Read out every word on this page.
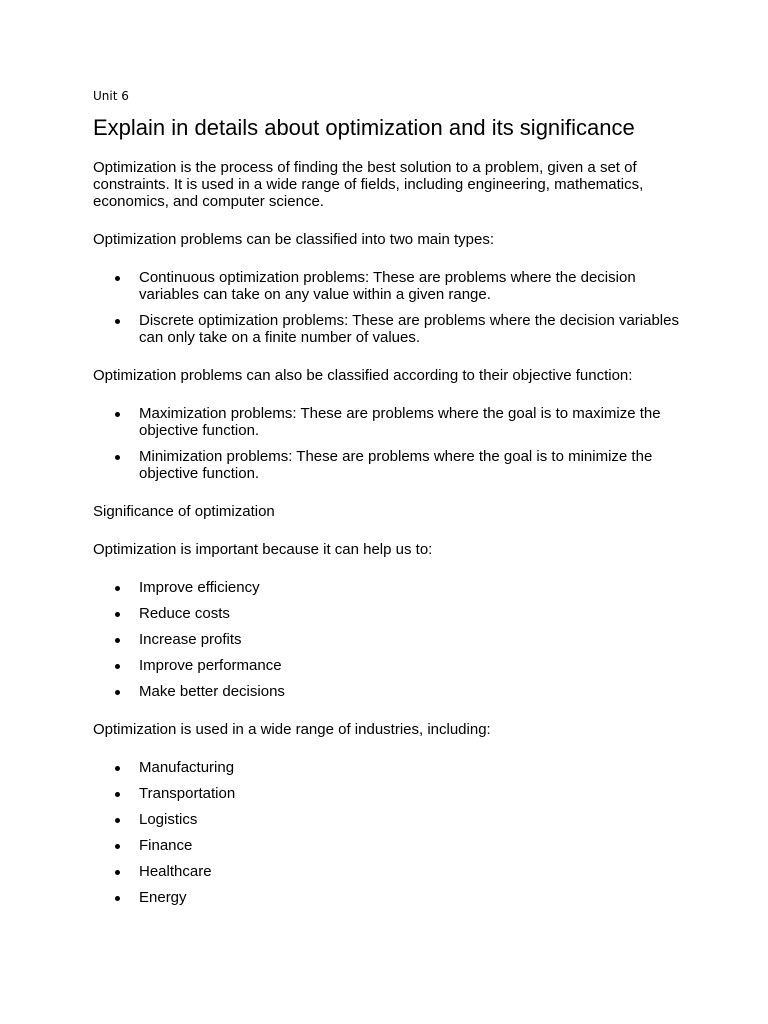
Unit 6
Explain in details about optimization and its significance

Optimization is the process of finding the best solution to a problem, given a set of constraints. It is used in a wide range of fields, including engineering, mathematics, economics, and computer science.

Optimization problems can be classified into two main types:

Continuous optimization problems: These are problems where the decision variables can take on any value within a given range.
Discrete optimization problems: These are problems where the decision variables can only take on a finite number of values.

Optimization problems can also be classified according to their objective function:

Maximization problems: These are problems where the goal is to maximize the objective function.
Minimization problems: These are problems where the goal is to minimize the objective function.

Significance of optimization

Optimization is important because it can help us to:

Improve efficiency
Reduce costs
Increase profits
Improve performance
Make better decisions

Optimization is used in a wide range of industries, including:

Manufacturing
Transportation
Logistics
Finance
Healthcare
Energy
